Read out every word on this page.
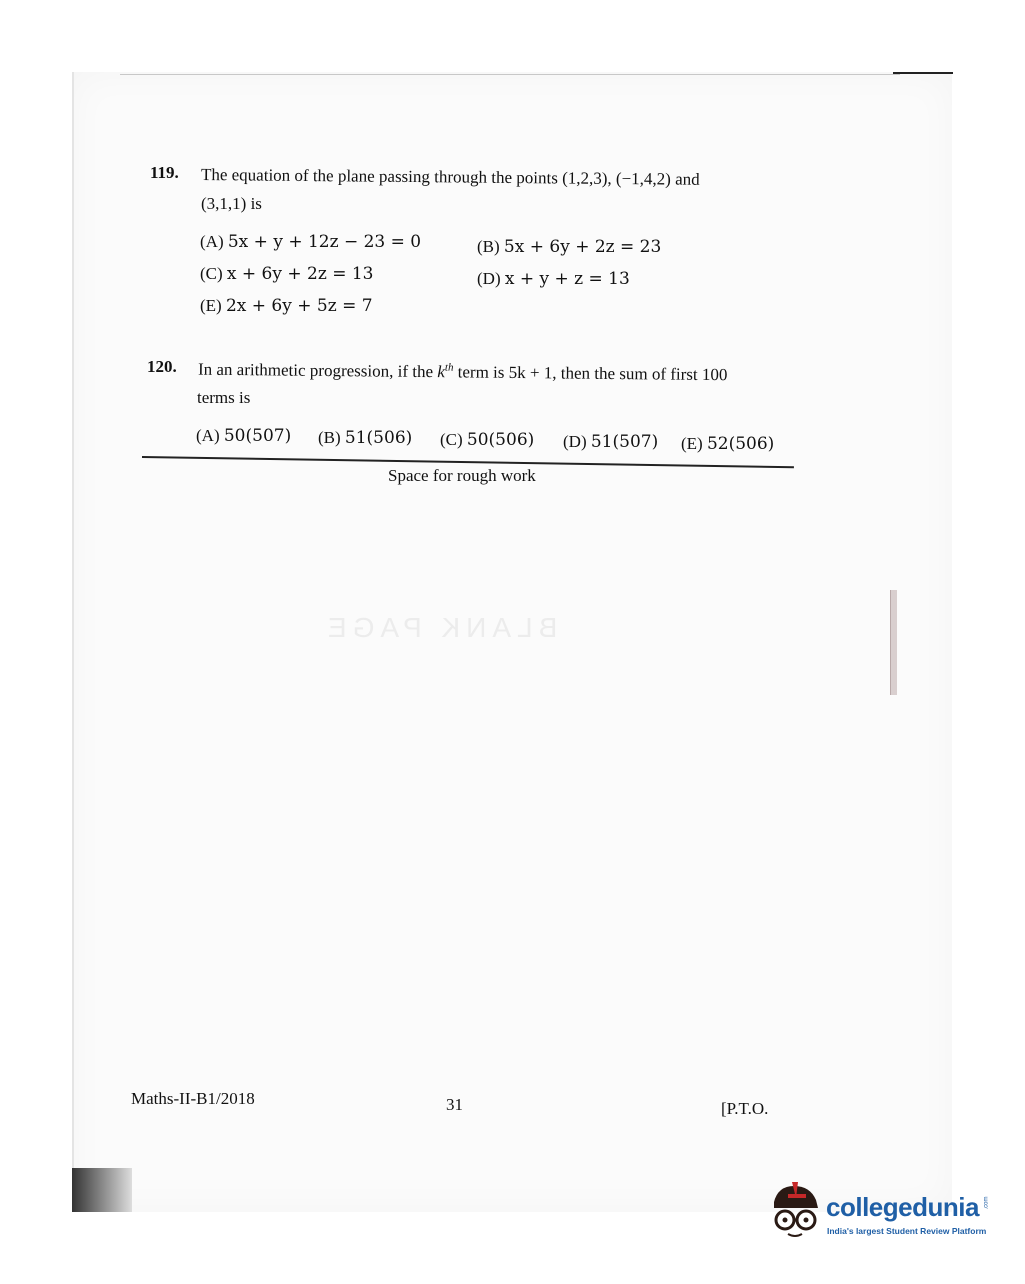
BLANK PAGE
119. The equation of the plane passing through the points (1,2,3), (−1,4,2) and
(3,1,1) is
(A) 5x + y + 12z − 23 = 0	(B) 5x + 6y + 2z = 23
(C) x + 6y + 2z = 13	(D) x + y + z = 13
(E) 2x + 6y + 5z = 7
120. In an arithmetic progression, if the $k^{th}$ term is 5k + 1, then the sum of first 100
terms is
(A) 50(507) (B) 51(506) (C) 50(506) (D) 51(507) (E) 52(506)
Space for rough work
Maths-II-B1/2018	31	[P.T.O.
collegedunia .com
India's largest Student Review Platform
